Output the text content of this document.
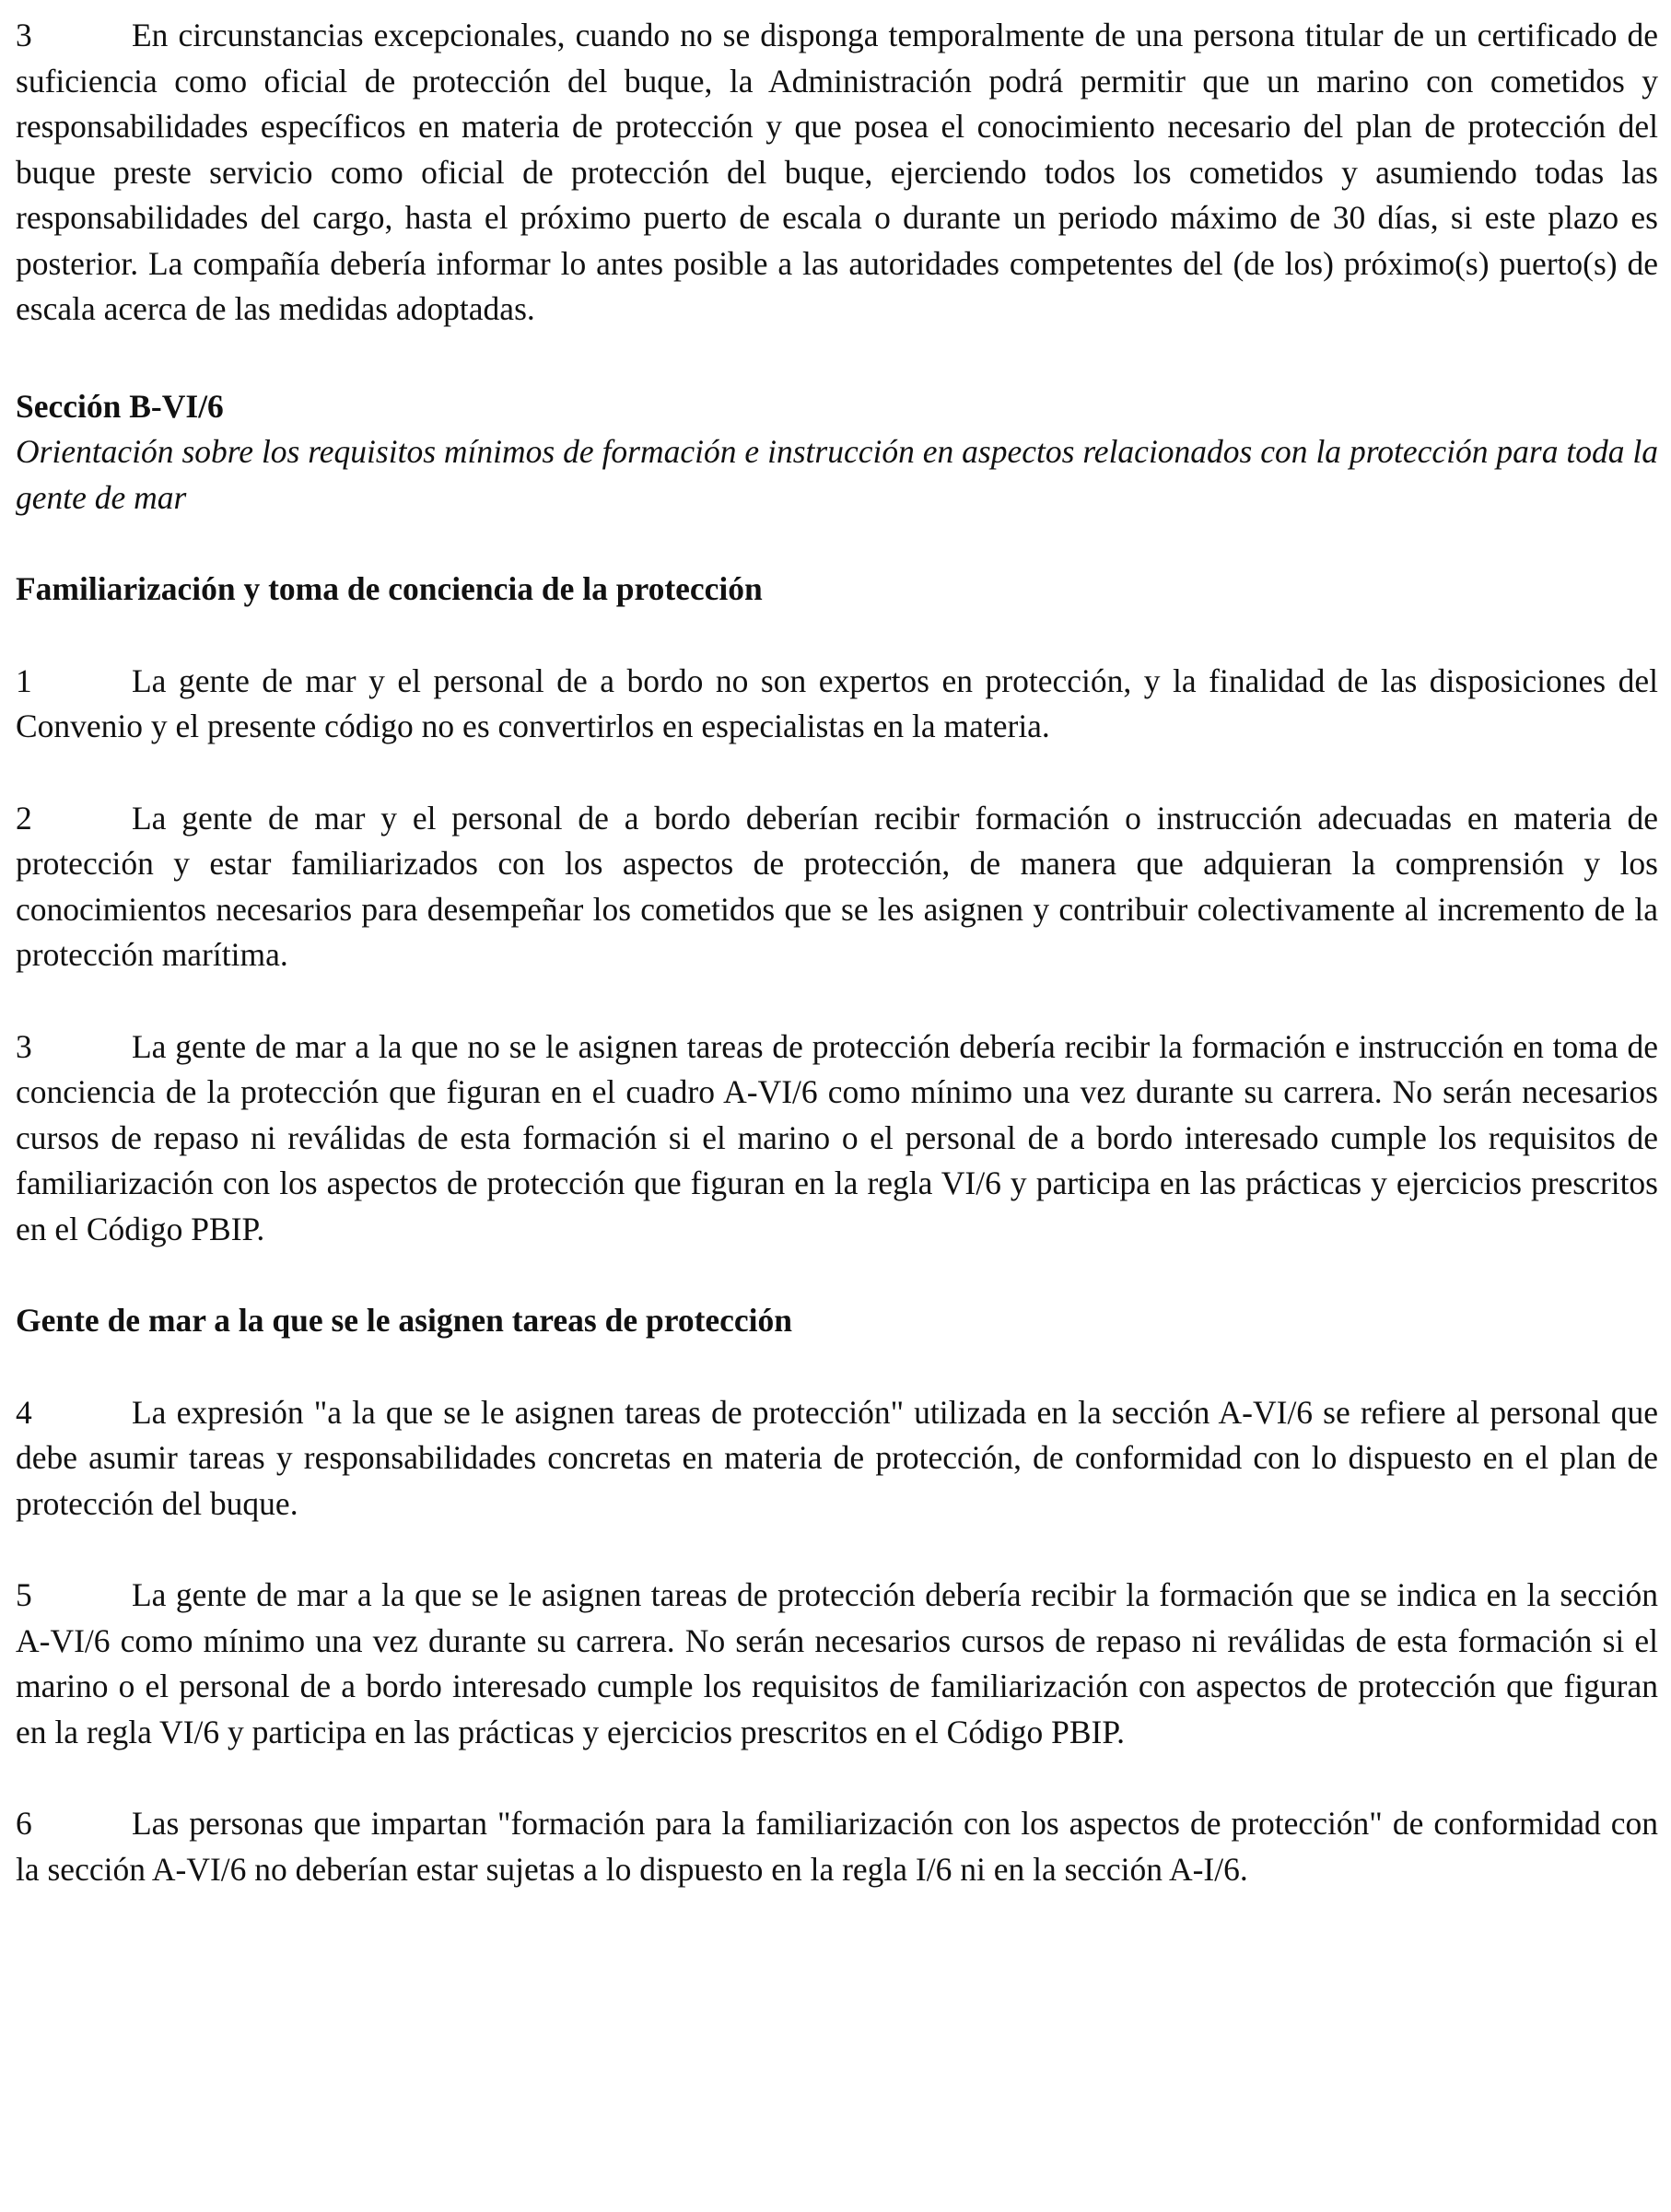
3	En circunstancias excepcionales, cuando no se disponga temporalmente de una persona titular de un certificado de suficiencia como oficial de protección del buque, la Administración podrá permitir que un marino con cometidos y responsabilidades específicos en materia de protección y que posea el conocimiento necesario del plan de protección del buque preste servicio como oficial de protección del buque, ejerciendo todos los cometidos y asumiendo todas las responsabilidades del cargo, hasta el próximo puerto de escala o durante un periodo máximo de 30 días, si este plazo es posterior. La compañía debería informar lo antes posible a las autoridades competentes del (de los) próximo(s) puerto(s) de escala acerca de las medidas adoptadas.

Sección B-VI/6

Orientación sobre los requisitos mínimos de formación e instrucción en aspectos relacionados con la protección para toda la gente de mar

Familiarización y toma de conciencia de la protección

1	La gente de mar y el personal de a bordo no son expertos en protección, y la finalidad de las disposiciones del Convenio y el presente código no es convertirlos en especialistas en la materia.

2	La gente de mar y el personal de a bordo deberían recibir formación o instrucción adecuadas en materia de protección y estar familiarizados con los aspectos de protección, de manera que adquieran la comprensión y los conocimientos necesarios para desempeñar los cometidos que se les asignen y contribuir colectivamente al incremento de la protección marítima.

3	La gente de mar a la que no se le asignen tareas de protección debería recibir la formación e instrucción en toma de conciencia de la protección que figuran en el cuadro A-VI/6 como mínimo una vez durante su carrera. No serán necesarios cursos de repaso ni reválidas de esta formación si el marino o el personal de a bordo interesado cumple los requisitos de familiarización con los aspectos de protección que figuran en la regla VI/6 y participa en las prácticas y ejercicios prescritos en el Código PBIP.

Gente de mar a la que se le asignen tareas de protección

4	La expresión "a la que se le asignen tareas de protección" utilizada en la sección A-VI/6 se refiere al personal que debe asumir tareas y responsabilidades concretas en materia de protección, de conformidad con lo dispuesto en el plan de protección del buque.

5	La gente de mar a la que se le asignen tareas de protección debería recibir la formación que se indica en la sección A-VI/6 como mínimo una vez durante su carrera. No serán necesarios cursos de repaso ni reválidas de esta formación si el marino o el personal de a bordo interesado cumple los requisitos de familiarización con aspectos de protección que figuran en la regla VI/6 y participa en las prácticas y ejercicios prescritos en el Código PBIP.

6	Las personas que impartan "formación para la familiarización con los aspectos de protección" de conformidad con la sección A-VI/6 no deberían estar sujetas a lo dispuesto en la regla I/6 ni en la sección A-I/6.
